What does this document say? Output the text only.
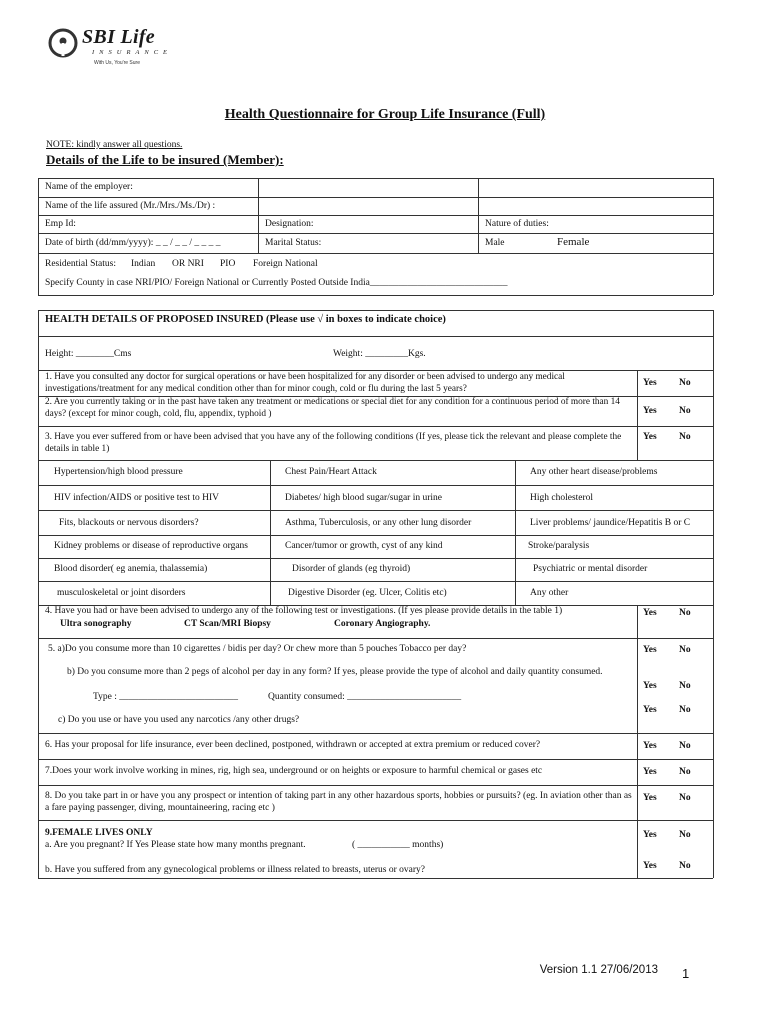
SBI Life
INSURANCE
With Us, You're Sure
Health Questionnaire for Group Life Insurance (Full)
NOTE: kindly answer all questions.
Details of the Life to be insured (Member):
Name of the employer:
Name of the life assured (Mr./Mrs./Ms./Dr) :
Emp Id:	Designation:	Nature of duties:
Date of birth (dd/mm/yyyy): _ _ / _ _ / _ _ _ _	Marital Status:	Male	Female
Residential Status: Indian OR NRI PIO Foreign National
Specify County in case NRI/PIO/ Foreign National or Currently Posted Outside India_____________________________
HEALTH DETAILS OF PROPOSED INSURED (Please use √ in boxes to indicate choice)
Height: ________Cms	Weight: _________Kgs.
1. Have you consulted any doctor for surgical operations or have been hospitalized for any disorder or been advised to undergo any medical investigations/treatment for any medical condition other than for minor cough, cold or flu during the last 5 years?
Yes No
2. Are you currently taking or in the past have taken any treatment or medications or special diet for any condition for a continuous period of more than 14 days? (except for minor cough, cold, flu, appendix, typhoid )	Yes No
3. Have you ever suffered from or have been advised that you have any of the following conditions (If yes, please tick the relevant and please complete the details in table 1)
Yes No
Hypertension/high blood pressure	Chest Pain/Heart Attack	Any other heart disease/problems
HIV infection/AIDS or positive test to HIV	Diabetes/ high blood sugar/sugar in urine	High cholesterol
Fits, blackouts or nervous disorders?	Asthma, Tuberculosis, or any other lung disorder	Liver problems/ jaundice/Hepatitis B or C
Kidney problems or disease of reproductive organs	Cancer/tumor or growth, cyst of any kind	Stroke/paralysis
Blood disorder( eg anemia, thalassemia)	Disorder of glands (eg thyroid)	Psychiatric or mental disorder
musculoskeletal or joint disorders	Digestive Disorder (eg. Ulcer, Colitis etc)	Any other
4. Have you had or have been advised to undergo any of the following test or investigations. (If yes please provide details in the table 1)
Ultra sonography	CT Scan/MRI Biopsy	Coronary Angiography.
Yes No
5. a)Do you consume more than 10 cigarettes / bidis per day? Or chew more than 5 pouches Tobacco per day?	Yes No
b) Do you consume more than 2 pegs of alcohol per day in any form? If yes, please provide the type of alcohol and daily quantity consumed.
Type : _________________________	Quantity consumed: ________________________
Yes No
c) Do you use or have you used any narcotics /any other drugs?
Yes No
6. Has your proposal for life insurance, ever been declined, postponed, withdrawn or accepted at extra premium or reduced cover?	Yes No
7.Does your work involve working in mines, rig, high sea, underground or on heights or exposure to harmful chemical or gases etc	Yes No
8. Do you take part in or have you any prospect or intention of taking part in any other hazardous sports, hobbies or pursuits? (eg. In aviation other than as a fare paying passenger, diving, mountaineering, racing etc )
Yes No
9.FEMALE LIVES ONLY
a. Are you pregnant? If Yes Please state how many months pregnant.	( ___________ months)
Yes No
b. Have you suffered from any gynecological problems or illness related to breasts, uterus or ovary?	Yes No
Version 1.1 27/06/2013 1
